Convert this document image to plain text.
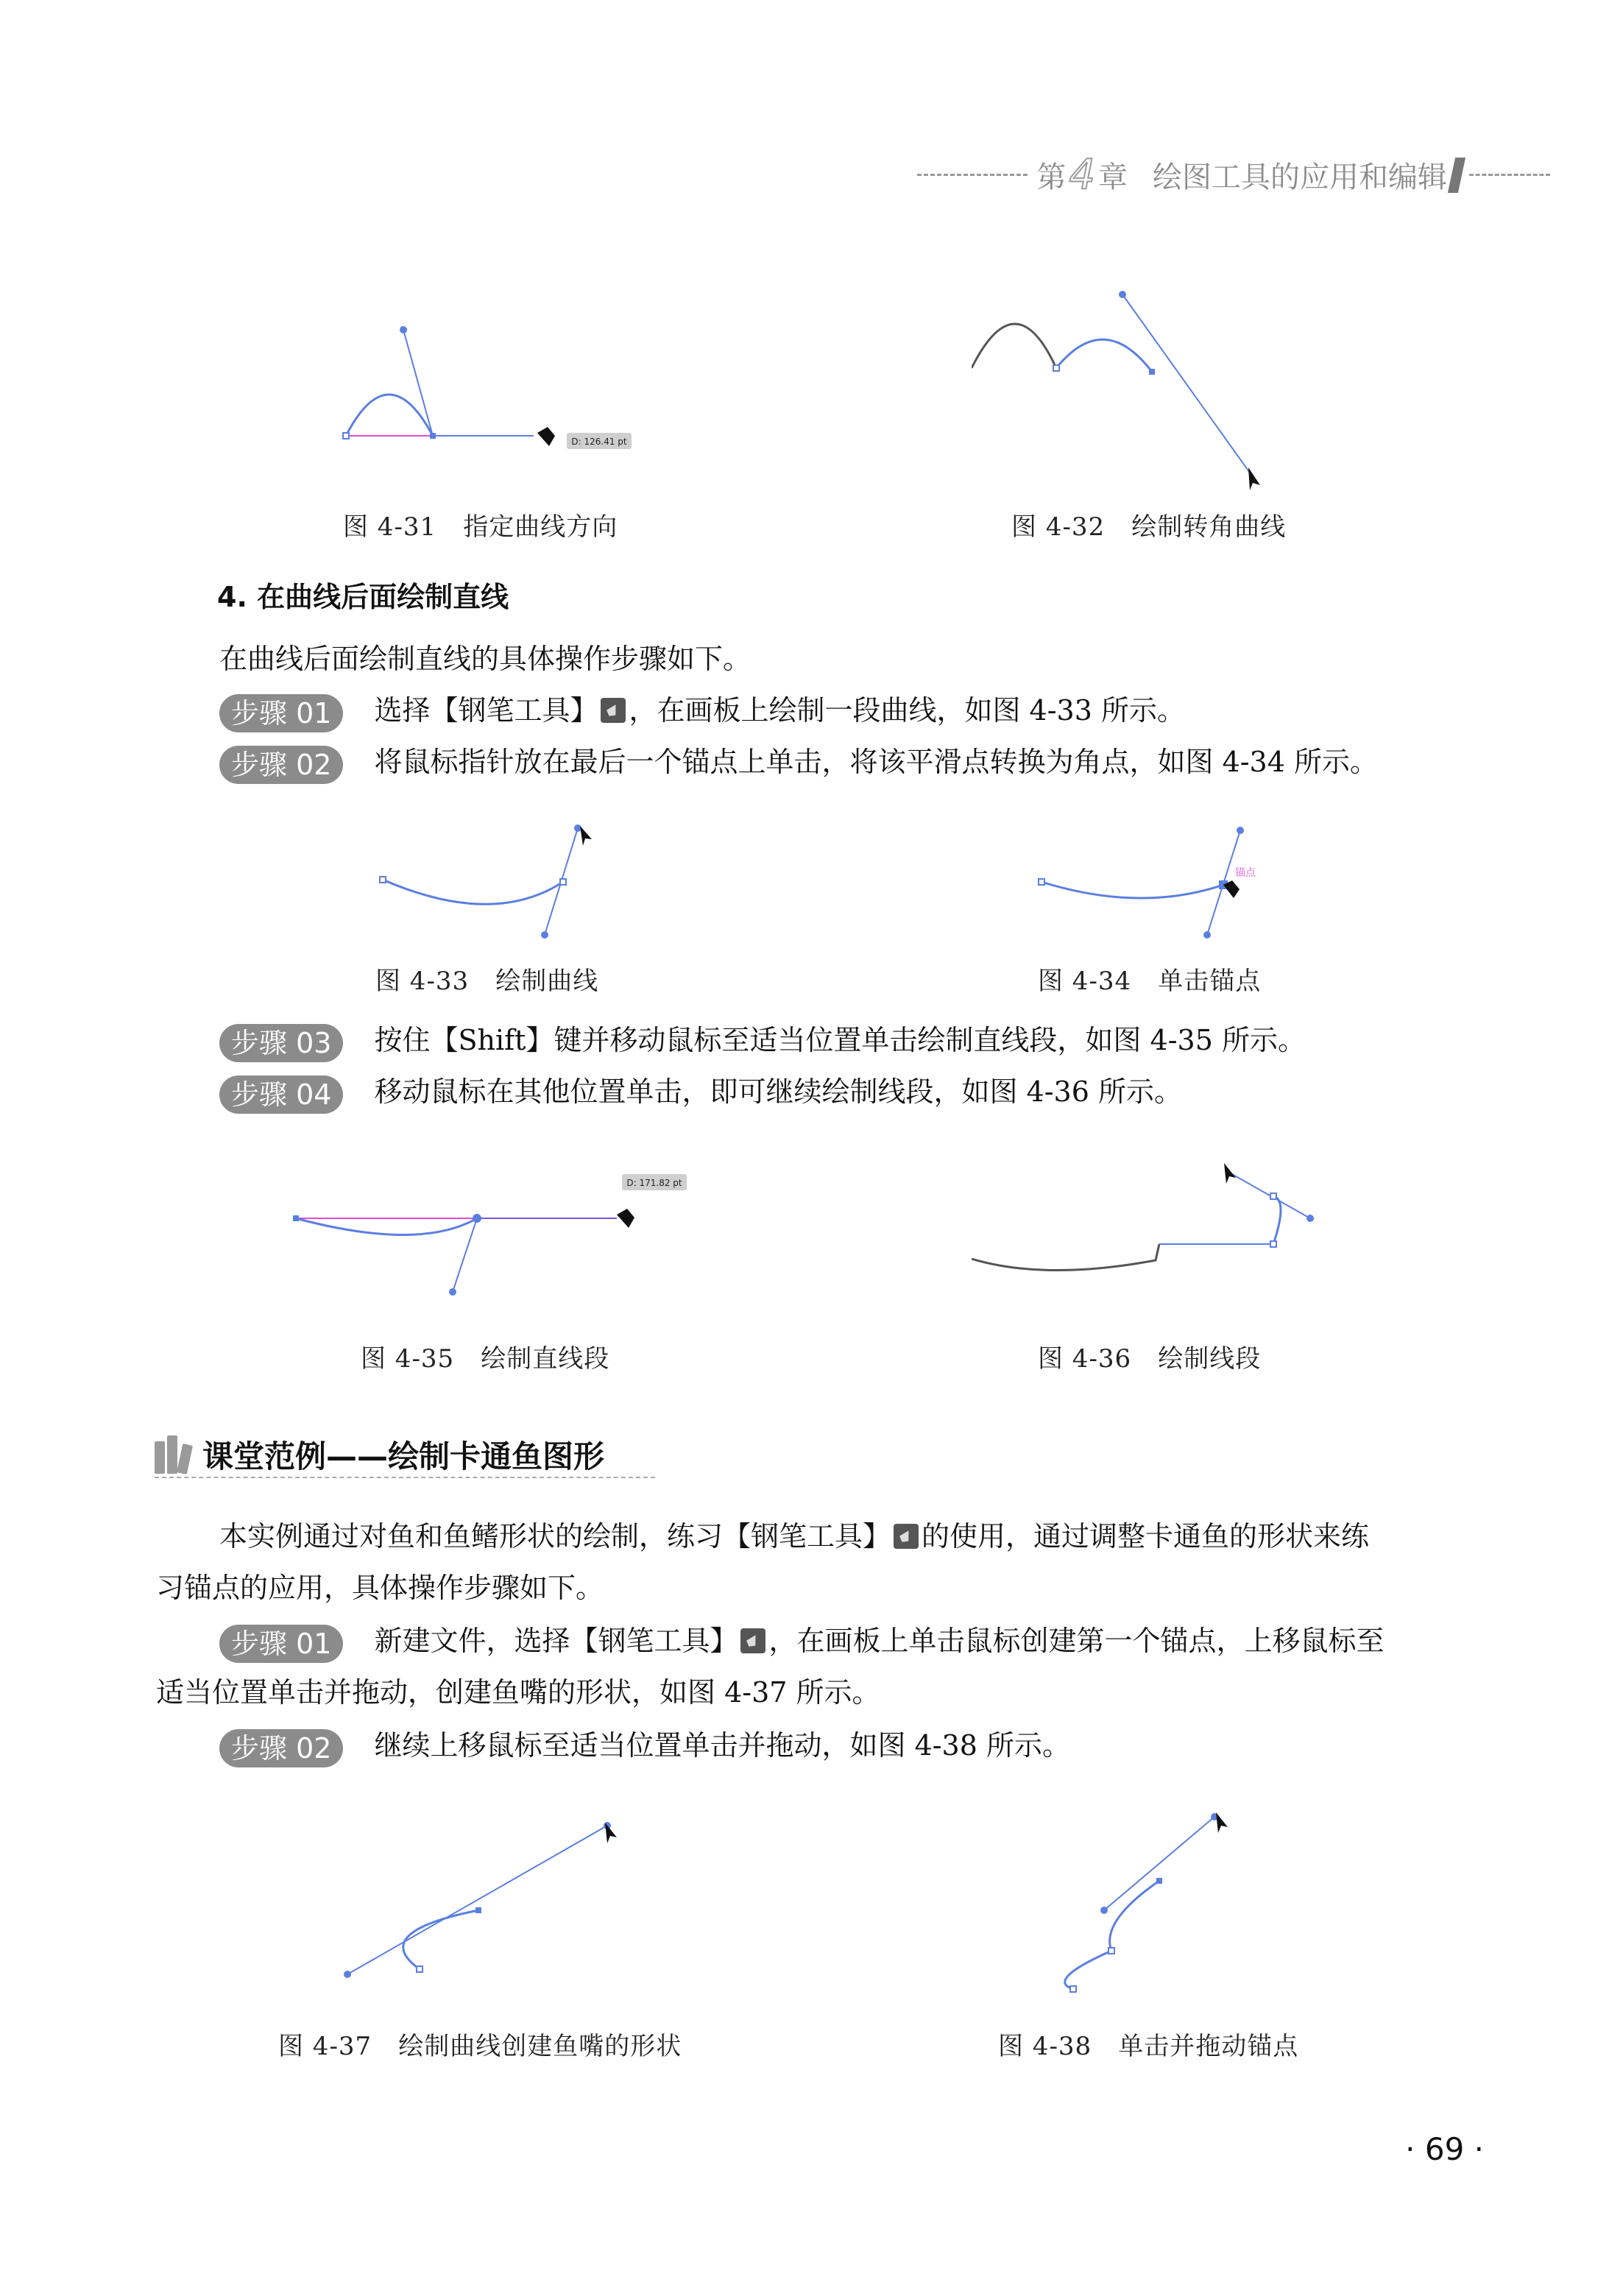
第 4 章 绘图工具的应用和编辑
D: 126.41 pt
图 4-31 指定曲线方向	图 4-32 绘制转角曲线
4. 在曲线后面绘制直线
在曲线后面绘制直线的具体操作步骤如下。
步骤 01 选择【钢笔工具】 ，在画板上绘制一段曲线，如图 4-33 所示。
步骤 02 将鼠标指针放在最后一个锚点上单击，将该平滑点转换为角点，如图 4-34 所示。
图 4-33 绘制曲线
锚点
图 4-34 单击锚点
步骤 03 按住【Shift】键并移动鼠标至适当位置单击绘制直线段，如图 4-35 所示。
步骤 04 移动鼠标在其他位置单击，即可继续绘制线段，如图 4-36 所示。
D: 171.82 pt
图 4-35 绘制直线段	图 4-36 绘制线段
课堂范例——绘制卡通鱼图形
本实例通过对鱼和鱼鳍形状的绘制，练习【钢笔工具】 的使用，通过调整卡通鱼的形状来练
习锚点的应用，具体操作步骤如下。
步骤 01 新建文件，选择【钢笔工具】 ，在画板上单击鼠标创建第一个锚点，上移鼠标至
适当位置单击并拖动，创建鱼嘴的形状，如图 4-37 所示。
步骤 02 继续上移鼠标至适当位置单击并拖动，如图 4-38 所示。
图 4-37 绘制曲线创建鱼嘴的形状	图 4-38 单击并拖动锚点
· 69 ·
